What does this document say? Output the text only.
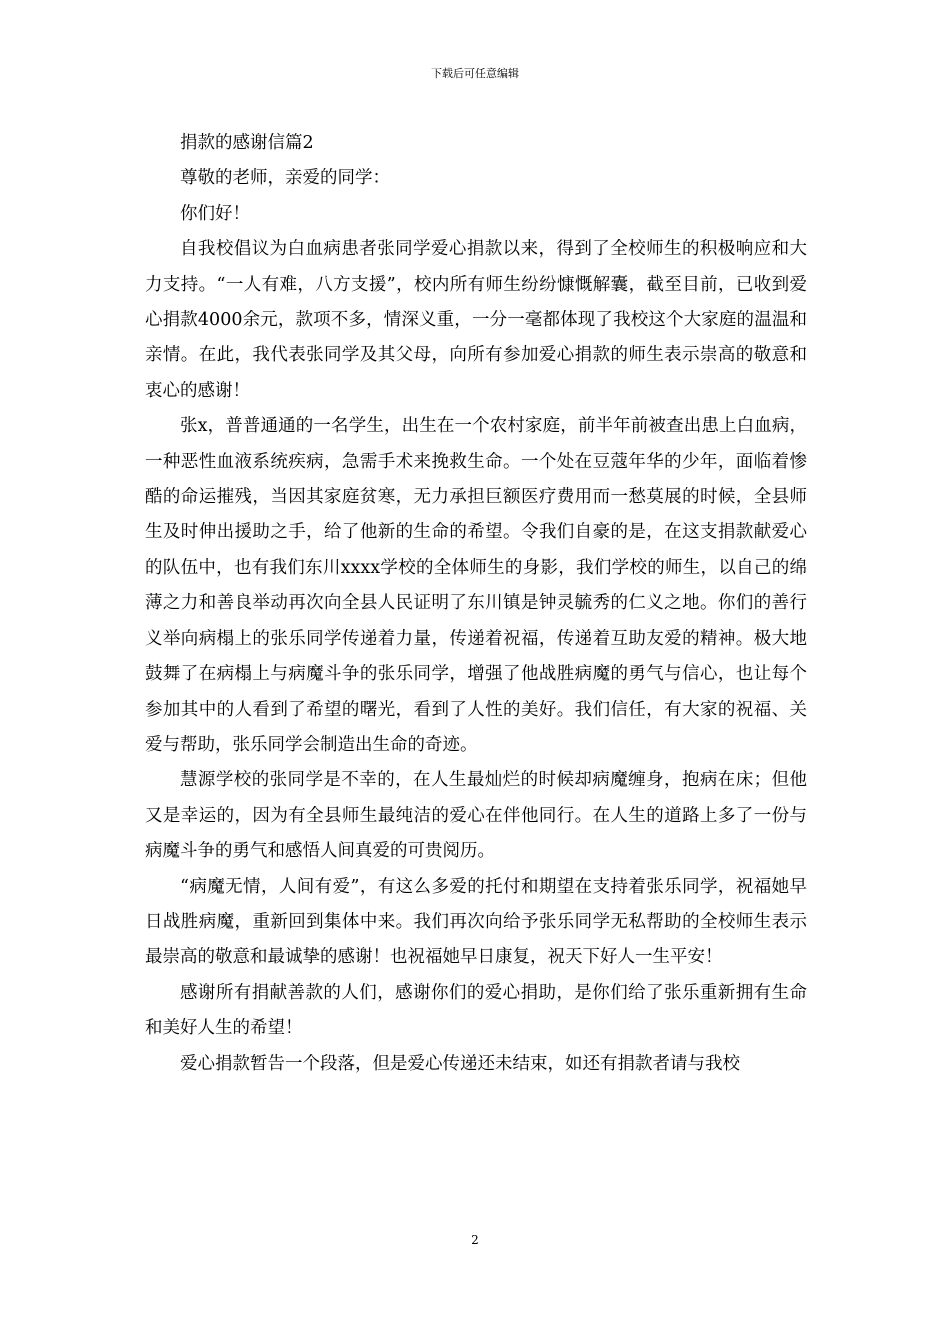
下载后可任意编辑

捐款的感谢信篇2

尊敬的老师，亲爱的同学：

你们好！

自我校倡议为白血病患者张同学爱心捐款以来，得到了全校师生的积极响应和大力支持。“一人有难，八方支援”，校内所有师生纷纷慷慨解囊，截至目前，已收到爱心捐款4000余元，款项不多，情深义重，一分一毫都体现了我校这个大家庭的温温和亲情。在此，我代表张同学及其父母，向所有参加爱心捐款的师生表示崇高的敬意和衷心的感谢！

张x，普普通通的一名学生，出生在一个农村家庭，前半年前被查出患上白血病，一种恶性血液系统疾病，急需手术来挽救生命。一个处在豆蔻年华的少年，面临着惨酷的命运摧残，当因其家庭贫寒，无力承担巨额医疗费用而一愁莫展的时候，全县师生及时伸出援助之手，给了他新的生命的希望。令我们自豪的是，在这支捐款献爱心的队伍中，也有我们东川xxxx学校的全体师生的身影，我们学校的师生，以自己的绵薄之力和善良举动再次向全县人民证明了东川镇是钟灵毓秀的仁义之地。你们的善行义举向病榻上的张乐同学传递着力量，传递着祝福，传递着互助友爱的精神。极大地鼓舞了在病榻上与病魔斗争的张乐同学，增强了他战胜病魔的勇气与信心，也让每个参加其中的人看到了希望的曙光，看到了人性的美好。我们信任，有大家的祝福、关爱与帮助，张乐同学会制造出生命的奇迹。

慧源学校的张同学是不幸的，在人生最灿烂的时候却病魔缠身，抱病在床；但他又是幸运的，因为有全县师生最纯洁的爱心在伴他同行。在人生的道路上多了一份与病魔斗争的勇气和感悟人间真爱的可贵阅历。

“病魔无情，人间有爱”，有这么多爱的托付和期望在支持着张乐同学，祝福她早日战胜病魔，重新回到集体中来。我们再次向给予张乐同学无私帮助的全校师生表示最崇高的敬意和最诚挚的感谢！也祝福她早日康复，祝天下好人一生平安！

感谢所有捐献善款的人们，感谢你们的爱心捐助，是你们给了张乐重新拥有生命和美好人生的希望！

爱心捐款暂告一个段落，但是爱心传递还未结束，如还有捐款者请与我校

2
